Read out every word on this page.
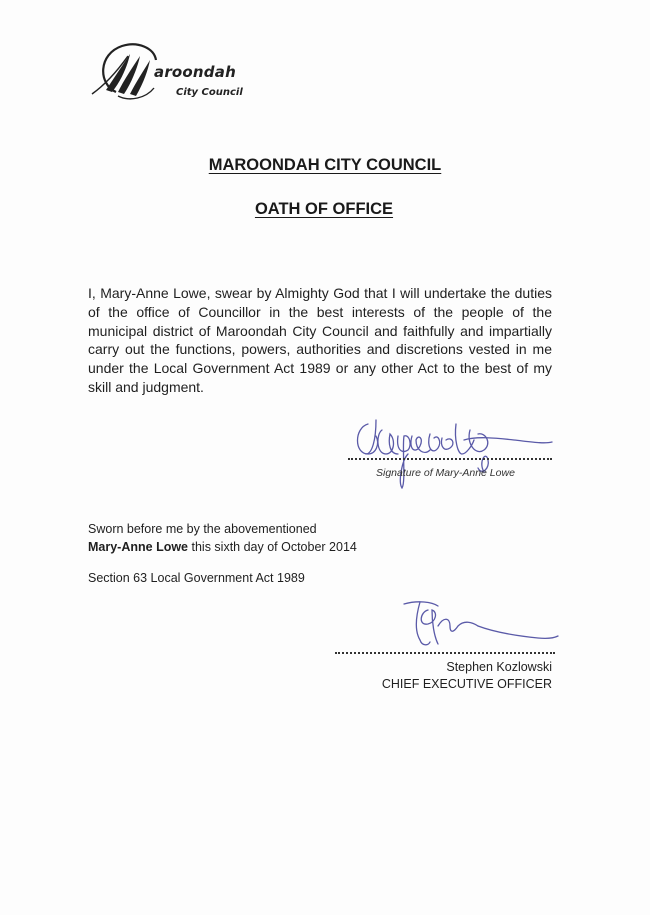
aroondah
City Council
MAROONDAH CITY COUNCIL
OATH OF OFFICE
I, Mary-Anne Lowe, swear by Almighty God that I will undertake the duties of the office of Councillor in the best interests of the people of the municipal district of Maroondah City Council and faithfully and impartially carry out the functions, powers, authorities and discretions vested in me under the Local Government Act 1989 or any other Act to the best of my skill and judgment.
Signature of Mary-Anne Lowe
Sworn before me by the abovementioned
Mary-Anne Lowe this sixth day of October 2014
Section 63 Local Government Act 1989
Stephen Kozlowski
CHIEF EXECUTIVE OFFICER
